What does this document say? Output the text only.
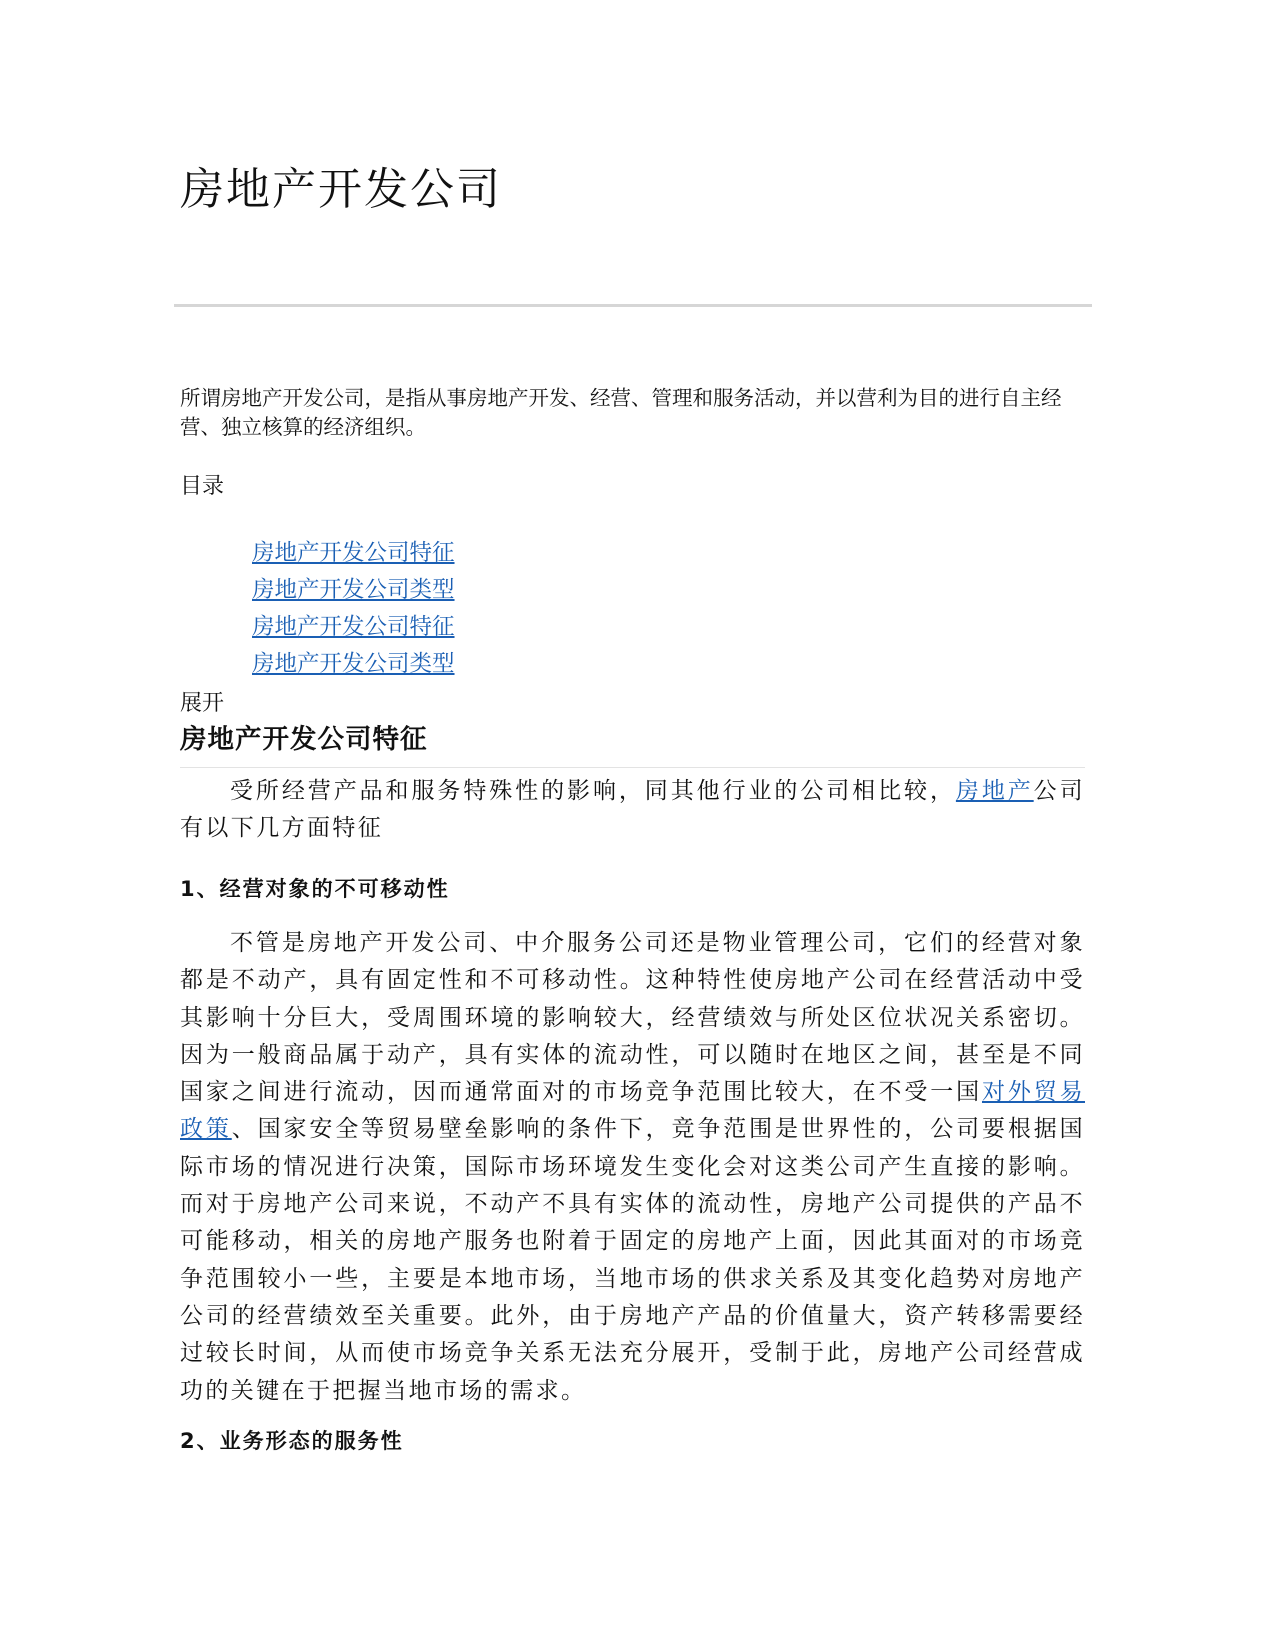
房地产开发公司

所谓房地产开发公司，是指从事房地产开发、经营、管理和服务活动，并以营利为目的进行自主经营、独立核算的经济组织。

目录
房地产开发公司特征
房地产开发公司类型
房地产开发公司特征
房地产开发公司类型
展开
房地产开发公司特征

受所经营产品和服务特殊性的影响，同其他行业的公司相比较，房地产公司有以下几方面特征

1、经营对象的不可移动性

不管是房地产开发公司、中介服务公司还是物业管理公司，它们的经营对象都是不动产，具有固定性和不可移动性。这种特性使房地产公司在经营活动中受其影响十分巨大，受周围环境的影响较大，经营绩效与所处区位状况关系密切。因为一般商品属于动产，具有实体的流动性，可以随时在地区之间，甚至是不同国家之间进行流动，因而通常面对的市场竞争范围比较大，在不受一国对外贸易政策、国家安全等贸易壁垒影响的条件下，竞争范围是世界性的，公司要根据国际市场的情况进行决策，国际市场环境发生变化会对这类公司产生直接的影响。而对于房地产公司来说，不动产不具有实体的流动性，房地产公司提供的产品不可能移动，相关的房地产服务也附着于固定的房地产上面，因此其面对的市场竞争范围较小一些，主要是本地市场，当地市场的供求关系及其变化趋势对房地产公司的经营绩效至关重要。此外，由于房地产产品的价值量大，资产转移需要经过较长时间，从而使市场竞争关系无法充分展开，受制于此，房地产公司经营成功的关键在于把握当地市场的需求。

2、业务形态的服务性
